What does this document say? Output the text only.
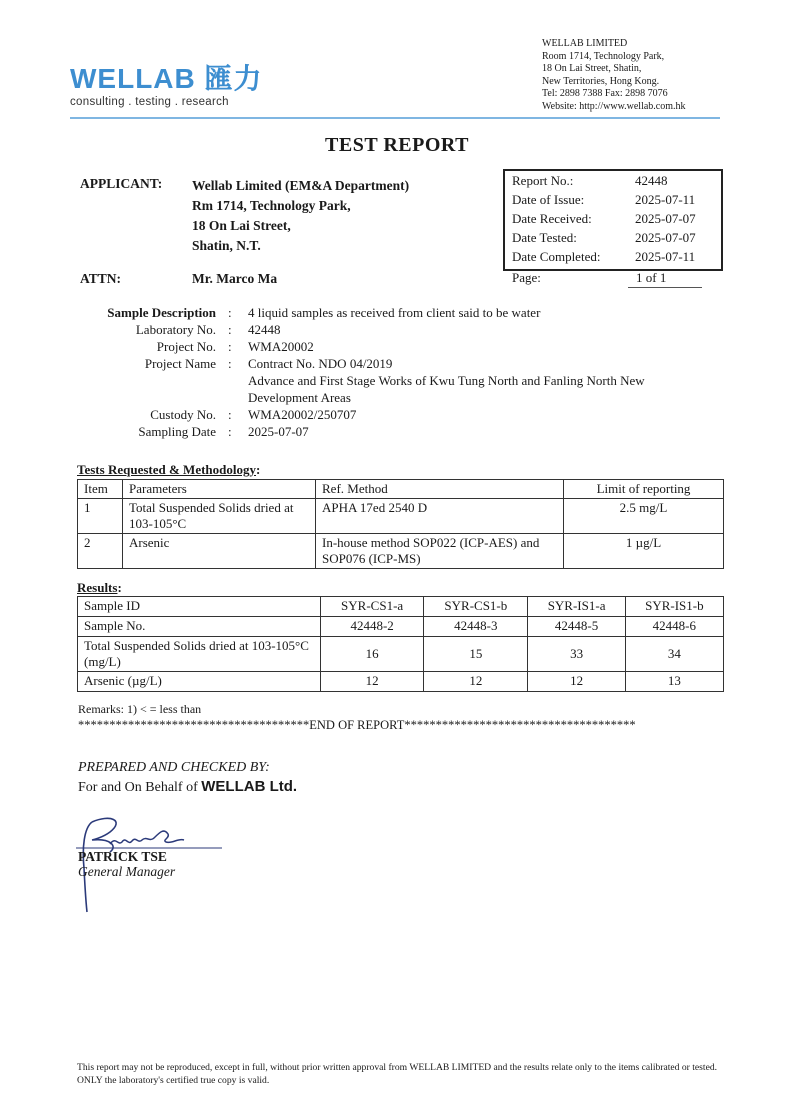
WELLAB 匯力
consulting . testing . research
WELLAB LIMITED
Room 1714, Technology Park,
18 On Lai Street, Shatin,
New Territories, Hong Kong.
Tel: 2898 7388 Fax: 2898 7076
Website: http://www.wellab.com.hk
TEST REPORT
APPLICANT: Wellab Limited (EM&A Department)
Rm 1714, Technology Park,
18 On Lai Street,
Shatin, N.T.
ATTN:	Mr. Marco Ma
Report No.:	42448
Date of Issue:	2025-07-11
Date Received:	2025-07-07
Date Tested:	2025-07-07
Date Completed:	2025-07-11
Page:	1 of 1
Sample Description : 4 liquid samples as received from client said to be water
Laboratory No. : 42448
Project No. : WMA20002
Project Name : Contract No. NDO 04/2019
Advance and First Stage Works of Kwu Tung North and Fanling North New
Development Areas
Custody No. : WMA20002/250707
Sampling Date : 2025-07-07
Tests Requested & Methodology:
Item	Parameters	Ref. Method	Limit of reporting
1	Total Suspended Solids dried at 103-105°C	APHA 17ed 2540 D	2.5 mg/L
2	Arsenic	In-house method SOP022 (ICP-AES) and SOP076 (ICP-MS)	1 µg/L
Results:
Sample ID	SYR-CS1-a	SYR-CS1-b	SYR-IS1-a	SYR-IS1-b
Sample No.	42448-2	42448-3	42448-5	42448-6
Total Suspended Solids dried at 103-105°C (mg/L)	16	15	33	34
Arsenic (µg/L)	12	12	12	13
Remarks: 1) < = less than
*************************************END OF REPORT*************************************
PREPARED AND CHECKED BY:
For and On Behalf of WELLAB Ltd.
PATRICK TSE
General Manager
This report may not be reproduced, except in full, without prior written approval from WELLAB LIMITED and the results relate only to the items calibrated or tested. ONLY the laboratory's certified true copy is valid.
